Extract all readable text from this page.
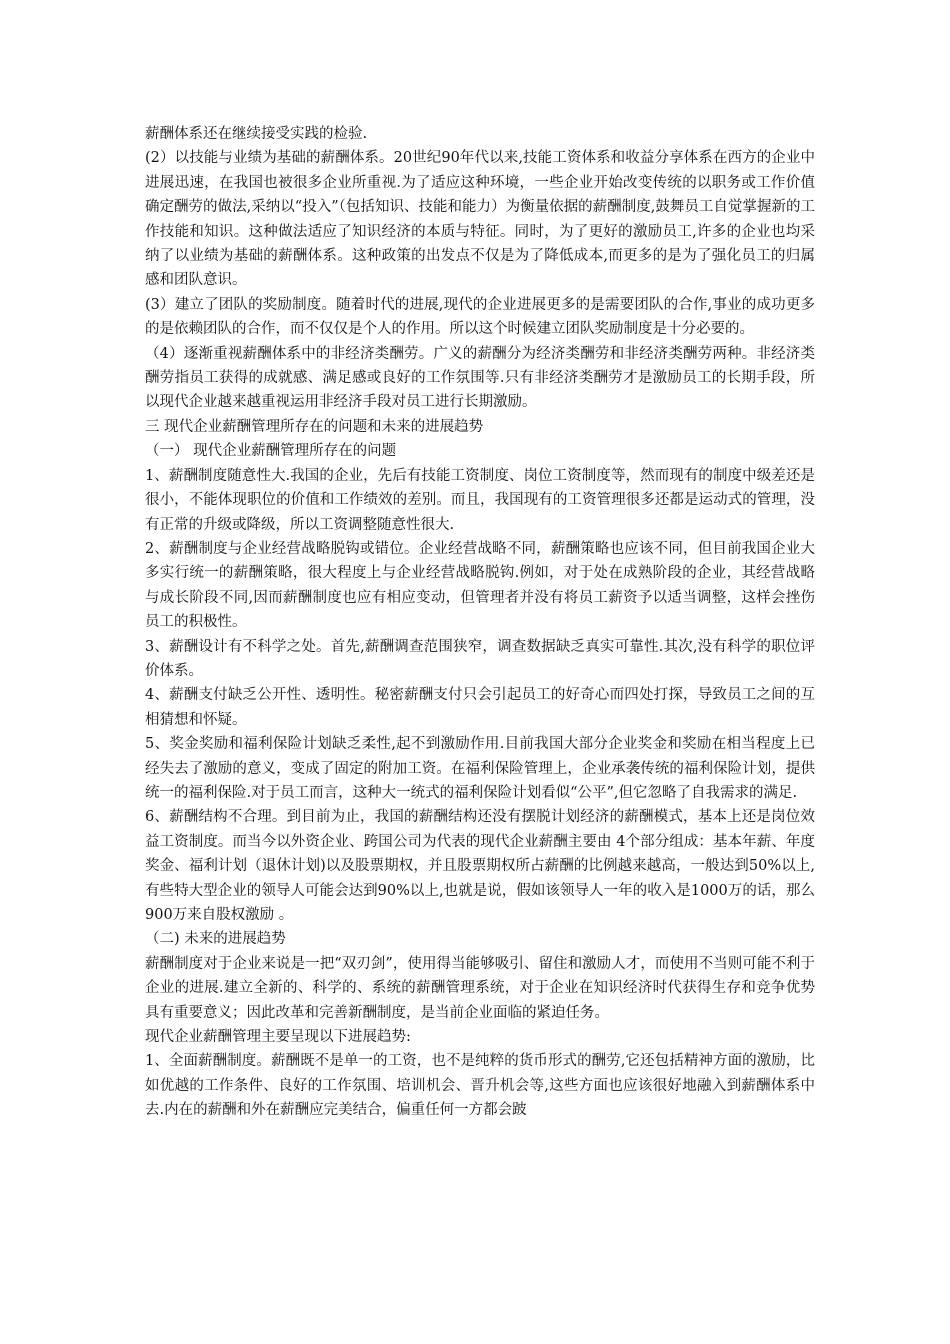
薪酬体系还在继续接受实践的检验.

(2）以技能与业绩为基础的薪酬体系。20世纪90年代以来,技能工资体系和收益分享体系在西方的企业中进展迅速，在我国也被很多企业所重视.为了适应这种环境，一些企业开始改变传统的以职务或工作价值确定酬劳的做法,采纳以“投入”（包括知识、技能和能力）为衡量依据的薪酬制度,鼓舞员工自觉掌握新的工作技能和知识。这种做法适应了知识经济的本质与特征。同时，为了更好的激励员工,许多的企业也均采纳了以业绩为基础的薪酬体系。这种政策的出发点不仅是为了降低成本,而更多的是为了强化员工的归属感和团队意识。

(3）建立了团队的奖励制度。随着时代的进展,现代的企业进展更多的是需要团队的合作,事业的成功更多的是依赖团队的合作，而不仅仅是个人的作用。所以这个时候建立团队奖励制度是十分必要的。

（4）逐渐重视薪酬体系中的非经济类酬劳。广义的薪酬分为经济类酬劳和非经济类酬劳两种。非经济类酬劳指员工获得的成就感、满足感或良好的工作氛围等.只有非经济类酬劳才是激励员工的长期手段，所以现代企业越来越重视运用非经济手段对员工进行长期激励。

三 现代企业薪酬管理所存在的问题和未来的进展趋势

（一） 现代企业薪酬管理所存在的问题

1、薪酬制度随意性大.我国的企业，先后有技能工资制度、岗位工资制度等，然而现有的制度中级差还是很小，不能体现职位的价值和工作绩效的差别。而且，我国现有的工资管理很多还都是运动式的管理，没有正常的升级或降级，所以工资调整随意性很大.

2、薪酬制度与企业经营战略脱钩或错位。企业经营战略不同，薪酬策略也应该不同，但目前我国企业大多实行统一的薪酬策略，很大程度上与企业经营战略脱钩.例如，对于处在成熟阶段的企业，其经营战略与成长阶段不同,因而薪酬制度也应有相应变动，但管理者并没有将员工薪资予以适当调整，这样会挫伤员工的积极性。

3、薪酬设计有不科学之处。首先,薪酬调查范围狭窄，调查数据缺乏真实可靠性.其次,没有科学的职位评价体系。

4、薪酬支付缺乏公开性、透明性。秘密薪酬支付只会引起员工的好奇心而四处打探，导致员工之间的互相猜想和怀疑。

5、奖金奖励和福利保险计划缺乏柔性,起不到激励作用.目前我国大部分企业奖金和奖励在相当程度上已经失去了激励的意义，变成了固定的附加工资。在福利保险管理上，企业承袭传统的福利保险计划，提供统一的福利保险.对于员工而言，这种大一统式的福利保险计划看似“公平”,但它忽略了自我需求的满足.

6、薪酬结构不合理。到目前为止，我国的薪酬结构还没有摆脱计划经济的薪酬模式，基本上还是岗位效益工资制度。而当今以外资企业、跨国公司为代表的现代企业薪酬主要由 4个部分组成：基本年薪、年度奖金、福利计划（退休计划)以及股票期权，并且股票期权所占薪酬的比例越来越高，一般达到50%以上,有些特大型企业的领导人可能会达到90%以上,也就是说，假如该领导人一年的收入是1000万的话，那么900万来自股权激励 。

（二) 未来的进展趋势

薪酬制度对于企业来说是一把“双刃剑”，使用得当能够吸引、留住和激励人才，而使用不当则可能不利于企业的进展.建立全新的、科学的、系统的薪酬管理系统，对于企业在知识经济时代获得生存和竞争优势具有重要意义；因此改革和完善新酬制度，是当前企业面临的紧迫任务。

现代企业薪酬管理主要呈现以下进展趋势:

1、全面薪酬制度。薪酬既不是单一的工资，也不是纯粹的货币形式的酬劳,它还包括精神方面的激励，比如优越的工作条件、良好的工作氛围、培训机会、晋升机会等,这些方面也应该很好地融入到薪酬体系中去.内在的薪酬和外在薪酬应完美结合，偏重任何一方都会跛
